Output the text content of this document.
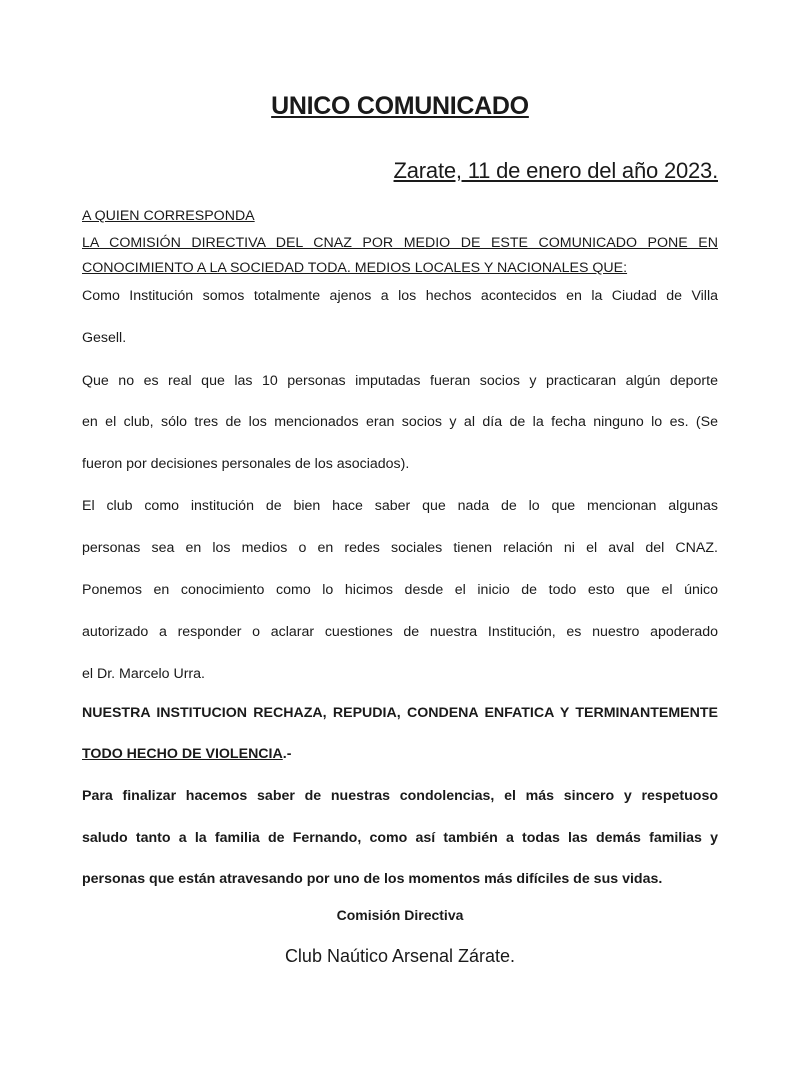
UNICO COMUNICADO
Zarate, 11 de enero del año 2023.
A QUIEN CORRESPONDA
LA COMISIÓN DIRECTIVA DEL CNAZ POR MEDIO DE ESTE COMUNICADO PONE EN
CONOCIMIENTO A LA SOCIEDAD TODA. MEDIOS LOCALES Y NACIONALES QUE:
Como Institución somos totalmente ajenos a los hechos acontecidos en la Ciudad de Villa
Gesell.
Que no es real que las 10 personas imputadas fueran socios y practicaran algún deporte
en el club, sólo tres de los mencionados eran socios y al día de la fecha ninguno lo es. (Se
fueron por decisiones personales de los asociados).
El club como institución de bien hace saber que nada de lo que mencionan algunas
personas sea en los medios o en redes sociales tienen relación ni el aval del CNAZ.
Ponemos en conocimiento como lo hicimos desde el inicio de todo esto que el único
autorizado a responder o aclarar cuestiones de nuestra Institución, es nuestro apoderado
el Dr. Marcelo Urra.
NUESTRA INSTITUCION RECHAZA, REPUDIA, CONDENA ENFATICA Y TERMINANTEMENTE
TODO HECHO DE VIOLENCIA.-
Para finalizar hacemos saber de nuestras condolencias, el más sincero y respetuoso
saludo tanto a la familia de Fernando, como así también a todas las demás familias y
personas que están atravesando por uno de los momentos más difíciles de sus vidas.
Comisión Directiva
Club Naútico Arsenal Zárate.
